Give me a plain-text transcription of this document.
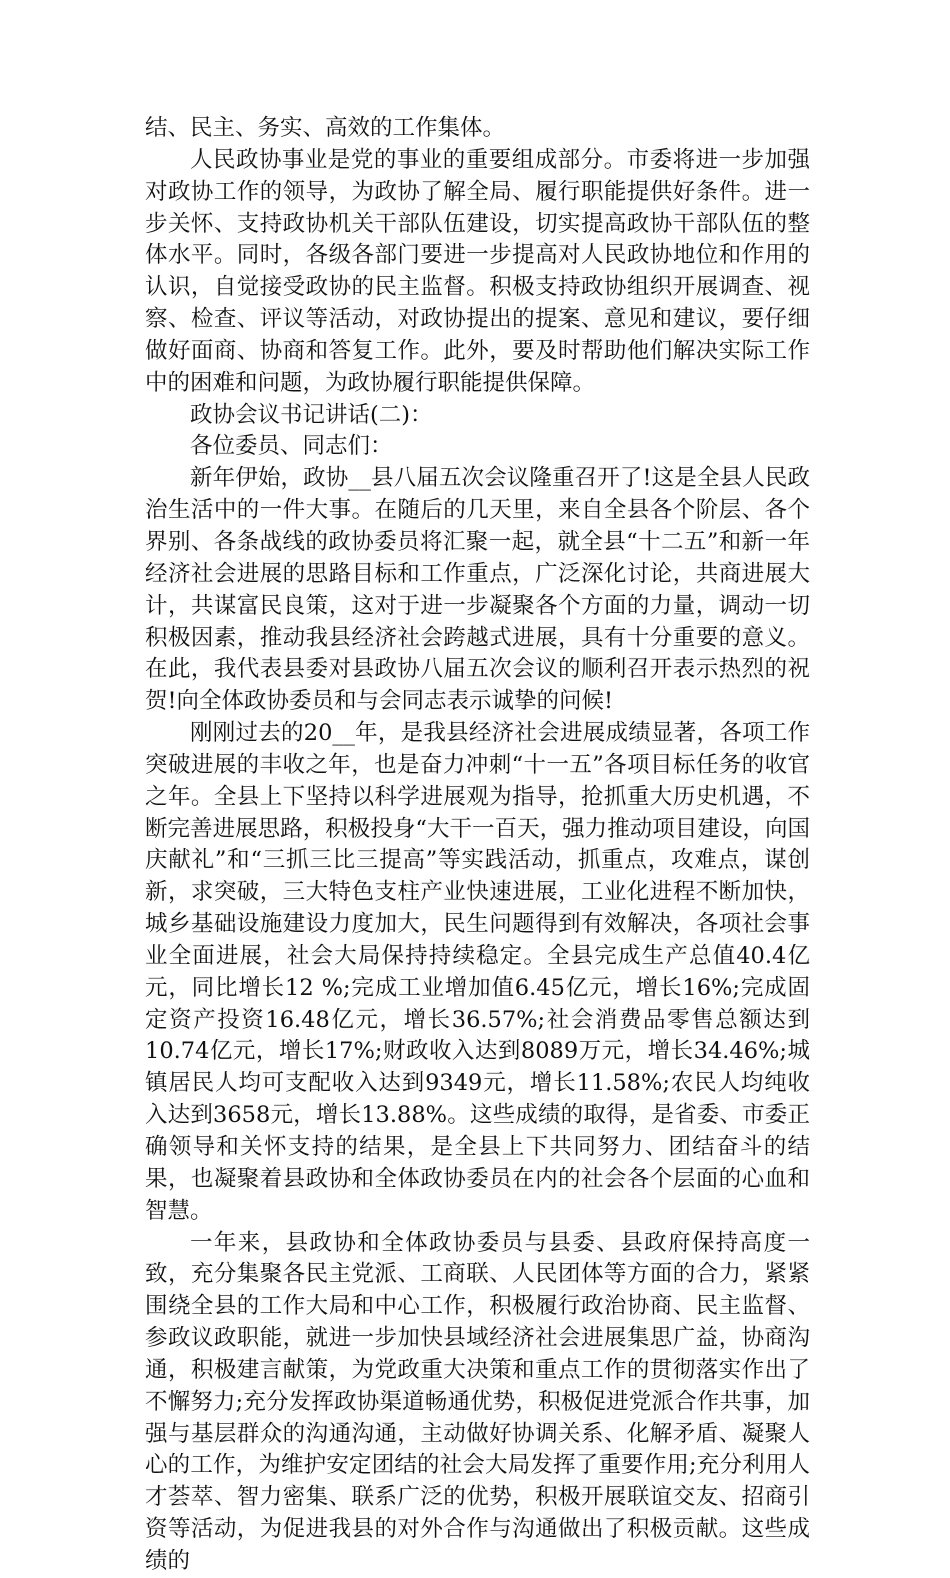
结、民主、务实、高效的工作集体。

人民政协事业是党的事业的重要组成部分。市委将进一步加强对政协工作的领导，为政协了解全局、履行职能提供好条件。进一步关怀、支持政协机关干部队伍建设，切实提高政协干部队伍的整体水平。同时，各级各部门要进一步提高对人民政协地位和作用的认识，自觉接受政协的民主监督。积极支持政协组织开展调查、视察、检查、评议等活动，对政协提出的提案、意见和建议，要仔细做好面商、协商和答复工作。此外，要及时帮助他们解决实际工作中的困难和问题，为政协履行职能提供保障。

政协会议书记讲话(二)：

各位委员、同志们：

新年伊始，政协__县八届五次会议隆重召开了!这是全县人民政治生活中的一件大事。在随后的几天里，来自全县各个阶层、各个界别、各条战线的政协委员将汇聚一起，就全县“十二五”和新一年经济社会进展的思路目标和工作重点，广泛深化讨论，共商进展大计，共谋富民良策，这对于进一步凝聚各个方面的力量，调动一切积极因素，推动我县经济社会跨越式进展，具有十分重要的意义。在此，我代表县委对县政协八届五次会议的顺利召开表示热烈的祝贺!向全体政协委员和与会同志表示诚挚的问候!

刚刚过去的20__年，是我县经济社会进展成绩显著，各项工作突破进展的丰收之年，也是奋力冲刺“十一五”各项目标任务的收官之年。全县上下坚持以科学进展观为指导，抢抓重大历史机遇，不断完善进展思路，积极投身“大干一百天，强力推动项目建设，向国庆献礼”和“三抓三比三提高”等实践活动，抓重点，攻难点，谋创新，求突破，三大特色支柱产业快速进展，工业化进程不断加快，城乡基础设施建设力度加大，民生问题得到有效解决，各项社会事业全面进展，社会大局保持持续稳定。全县完成生产总值40.4亿元，同比增长12 %;完成工业增加值6.45亿元，增长16%;完成固定资产投资16.48亿元，增长36.57%;社会消费品零售总额达到10.74亿元，增长17%;财政收入达到8089万元，增长34.46%;城镇居民人均可支配收入达到9349元，增长11.58%;农民人均纯收入达到3658元，增长13.88%。这些成绩的取得，是省委、市委正确领导和关怀支持的结果，是全县上下共同努力、团结奋斗的结果，也凝聚着县政协和全体政协委员在内的社会各个层面的心血和智慧。

一年来，县政协和全体政协委员与县委、县政府保持高度一致，充分集聚各民主党派、工商联、人民团体等方面的合力，紧紧围绕全县的工作大局和中心工作，积极履行政治协商、民主监督、参政议政职能，就进一步加快县域经济社会进展集思广益，协商沟通，积极建言献策，为党政重大决策和重点工作的贯彻落实作出了不懈努力;充分发挥政协渠道畅通优势，积极促进党派合作共事，加强与基层群众的沟通沟通，主动做好协调关系、化解矛盾、凝聚人心的工作，为维护安定团结的社会大局发挥了重要作用;充分利用人才荟萃、智力密集、联系广泛的优势，积极开展联谊交友、招商引资等活动，为促进我县的对外合作与沟通做出了积极贡献。这些成绩的
